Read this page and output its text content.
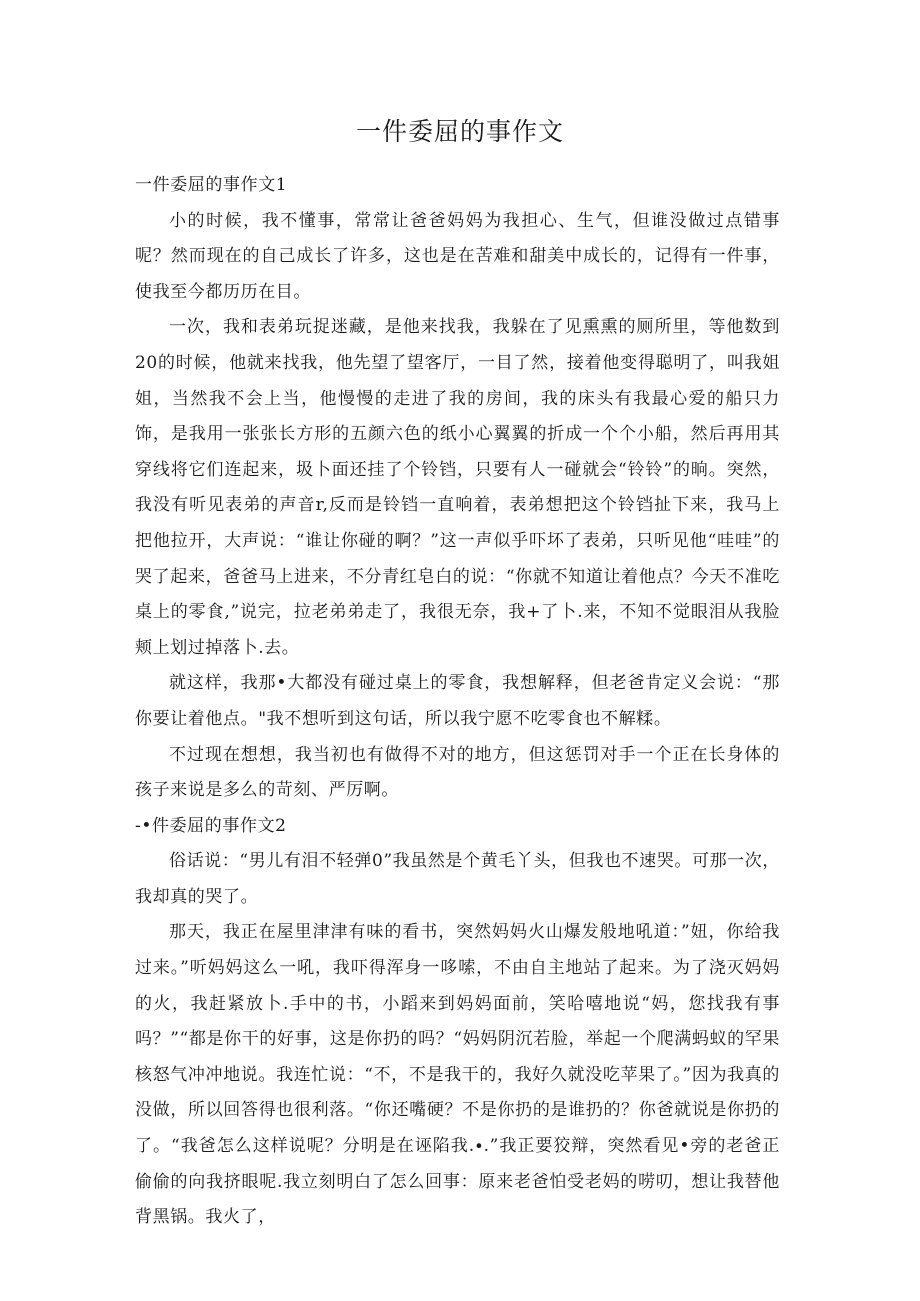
一件委屈的事作文

一件委屈的事作文1

小的时候，我不懂事，常常让爸爸妈妈为我担心、生气，但谁没做过点错事呢？然而现在的自己成长了许多，这也是在苦难和甜美中成长的，记得有一件事，使我至今都历历在目。

一次，我和表弟玩捉迷藏，是他来找我，我躲在了见熏熏的厕所里，等他数到20的时候，他就来找我，他先望了望客厅，一目了然，接着他变得聪明了，叫我姐姐，当然我不会上当，他慢慢的走进了我的房间，我的床头有我最心爱的船只力饰，是我用一张张长方形的五颜六色的纸小心翼翼的折成一个个小船，然后再用其穿线将它们连起来，圾卜面还挂了个铃铛，只要有人一碰就会“铃铃”的晌。突然，我没有听见表弟的声音r,反而是铃铛一直响着，表弟想把这个铃铛扯下来，我马上把他拉开，大声说：“谁让你碰的啊？”这一声似乎吓坏了表弟，只听见他“哇哇”的哭了起来，爸爸马上进来，不分青红皂白的说：“你就不知道让着他点？今天不准吃桌上的零食,”说完，拉老弟弟走了，我很无奈，我+了卜.来，不知不觉眼泪从我脸颊上划过掉落卜.去。

就这样，我那•大都没有碰过桌上的零食，我想解释，但老爸肯定义会说：“那你要让着他点。"我不想听到这句话，所以我宁愿不吃零食也不解糅。

不过现在想想，我当初也有做得不对的地方，但这惩罚对手一个正在长身体的孩子来说是多么的苛刻、严厉啊。

-•件委屈的事作文2

俗话说：“男儿有泪不轻弹0”我虽然是个黄毛丫头，但我也不速哭。可那一次，我却真的哭了。

那天，我正在屋里津津有味的看书，突然妈妈火山爆发般地吼道：”妞，你给我过来。”听妈妈这么一吼，我吓得浑身一哆嗦，不由自主地站了起来。为了浇灭妈妈的火，我赶紧放卜.手中的书，小蹈来到妈妈面前，笑哈嘻地说“妈，您找我有事吗？”“都是你干的好事，这是你扔的吗？“妈妈阴沉若脸，举起一个爬满蚂蚁的罕果核怒气冲冲地说。我连忙说：“不，不是我干的，我好久就没吃苹果了。”因为我真的没做，所以回答得也很利落。“你还嘴硬？不是你扔的是谁扔的？你爸就说是你扔的了。“我爸怎么这样说呢？分明是在诬陷我.∙.”我正要狡辩，突然看见•旁的老爸正偷偷的向我挤眼呢.我立刻明白了怎么回事：原来老爸怕受老妈的唠叨，想让我替他背黑锅。我火了，
